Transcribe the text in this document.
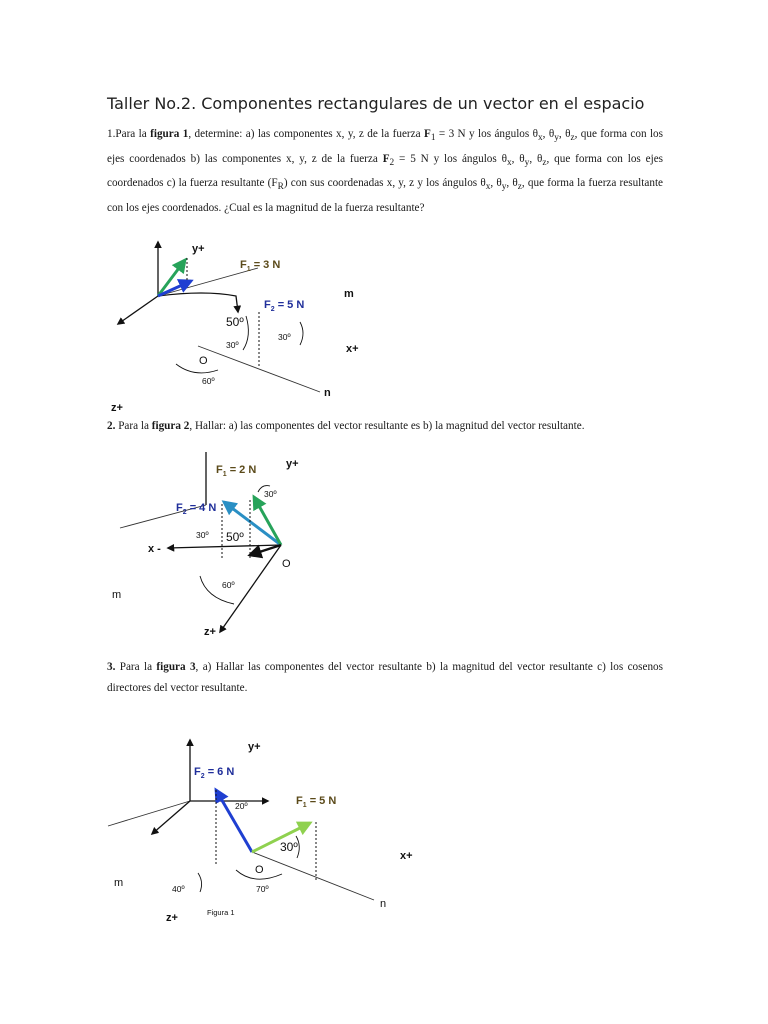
Taller No.2. Componentes rectangulares de un vector en el espacio
1.Para la figura 1, determine: a) las componentes x, y, z de la fuerza $F_1 = 3$ N y los ángulos $\theta_x$, $\theta_y$, $\theta_z$, que forma con los ejes coordenados b) las componentes x, y, z de la fuerza $F_2 = 5$ N y los ángulos $\theta_x$, $\theta_y$, $\theta_z$, que forma con los ejes coordenados c) la fuerza resultante $(F_R)$ con sus coordenadas x, y, z y los ángulos $\theta_x$, $\theta_y$, $\theta_z$, que forma la fuerza resultante con los ejes coordenados. ¿Cual es la magnitud de la fuerza resultante?
2. Para la figura 2, Hallar: a) las componentes del vector resultante es b) la magnitud del vector resultante.
3. Para la figura 3, a) Hallar las componentes del vector resultante b) la magnitud del vector resultante c) los cosenos directores del vector resultante.
y+
$F_1 = 3$ N
m
$F_2 = 5$ N
50º
30º
30º	x+
O
60º
n
z+
$F_1 = 2$ N	y+
30º
$F_2 = 4$ N
30º 50º
x -
O
60º
m
z+
y+
$F_2 = 6$ N
$F_1 = 5$ N
20º
30º
x+
O
m	40º	70º
n
Figura 1
z+
